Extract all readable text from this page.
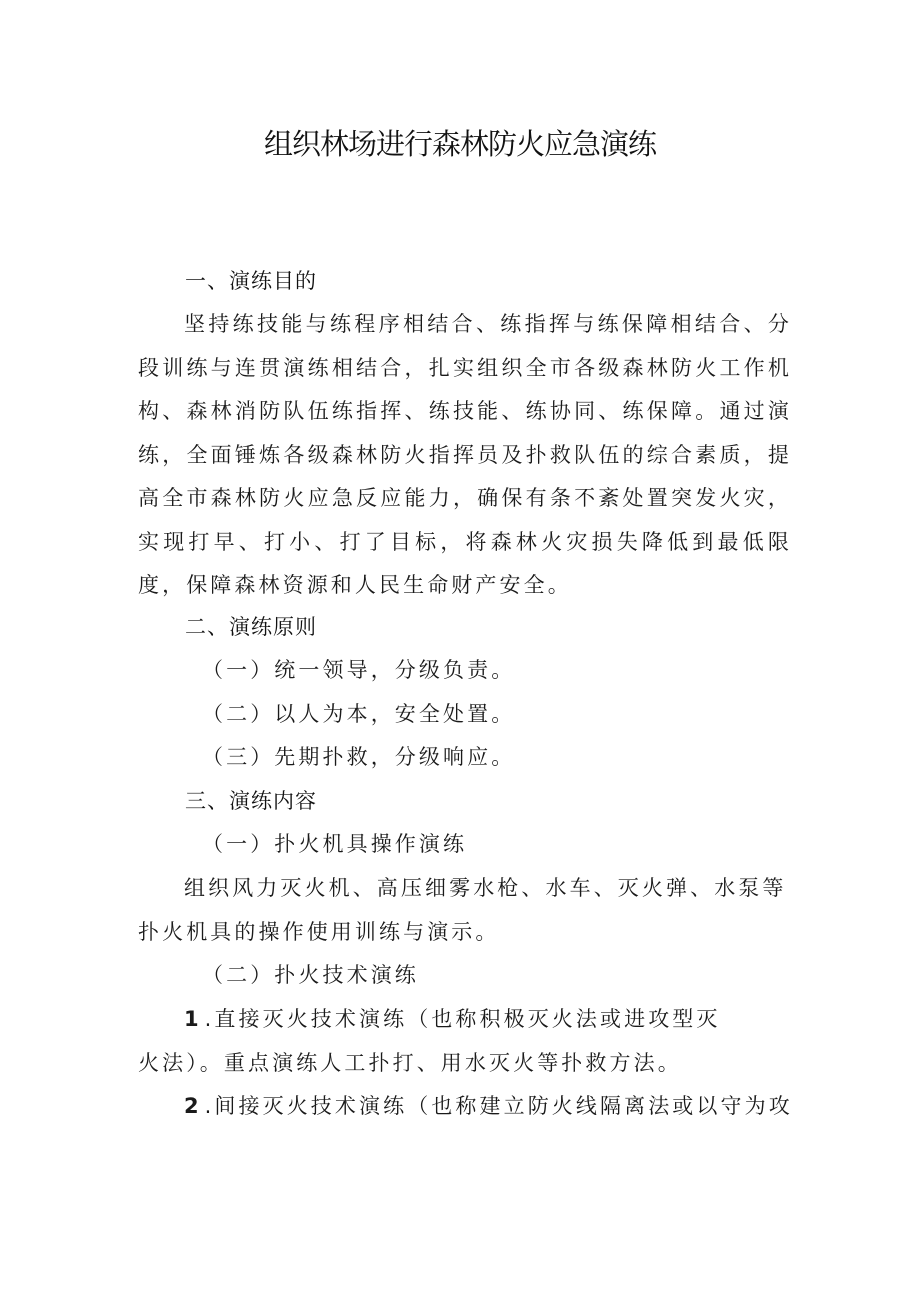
组织林场进行森林防火应急演练
一、演练目的
坚持练技能与练程序相结合、练指挥与练保障相结合、分段训练与连贯演练相结合，扎实组织全市各级森林防火工作机构、森林消防队伍练指挥、练技能、练协同、练保障。通过演练，全面锤炼各级森林防火指挥员及扑救队伍的综合素质，提高全市森林防火应急反应能力，确保有条不紊处置突发火灾，实现打早、打小、打了目标，将森林火灾损失降低到最低限度，保障森林资源和人民生命财产安全。
二、演练原则
（一）统一领导，分级负责。
（二）以人为本，安全处置。
（三）先期扑救，分级响应。
三、演练内容
（一）扑火机具操作演练
组织风力灭火机、高压细雾水枪、水车、灭火弹、水泵等扑火机具的操作使用训练与演示。
（二）扑火技术演练
1.直接灭火技术演练（也称积极灭火法或进攻型灭火法）。重点演练人工扑打、用水灭火等扑救方法。
2.间接灭火技术演练（也称建立防火线隔离法或以守为攻
